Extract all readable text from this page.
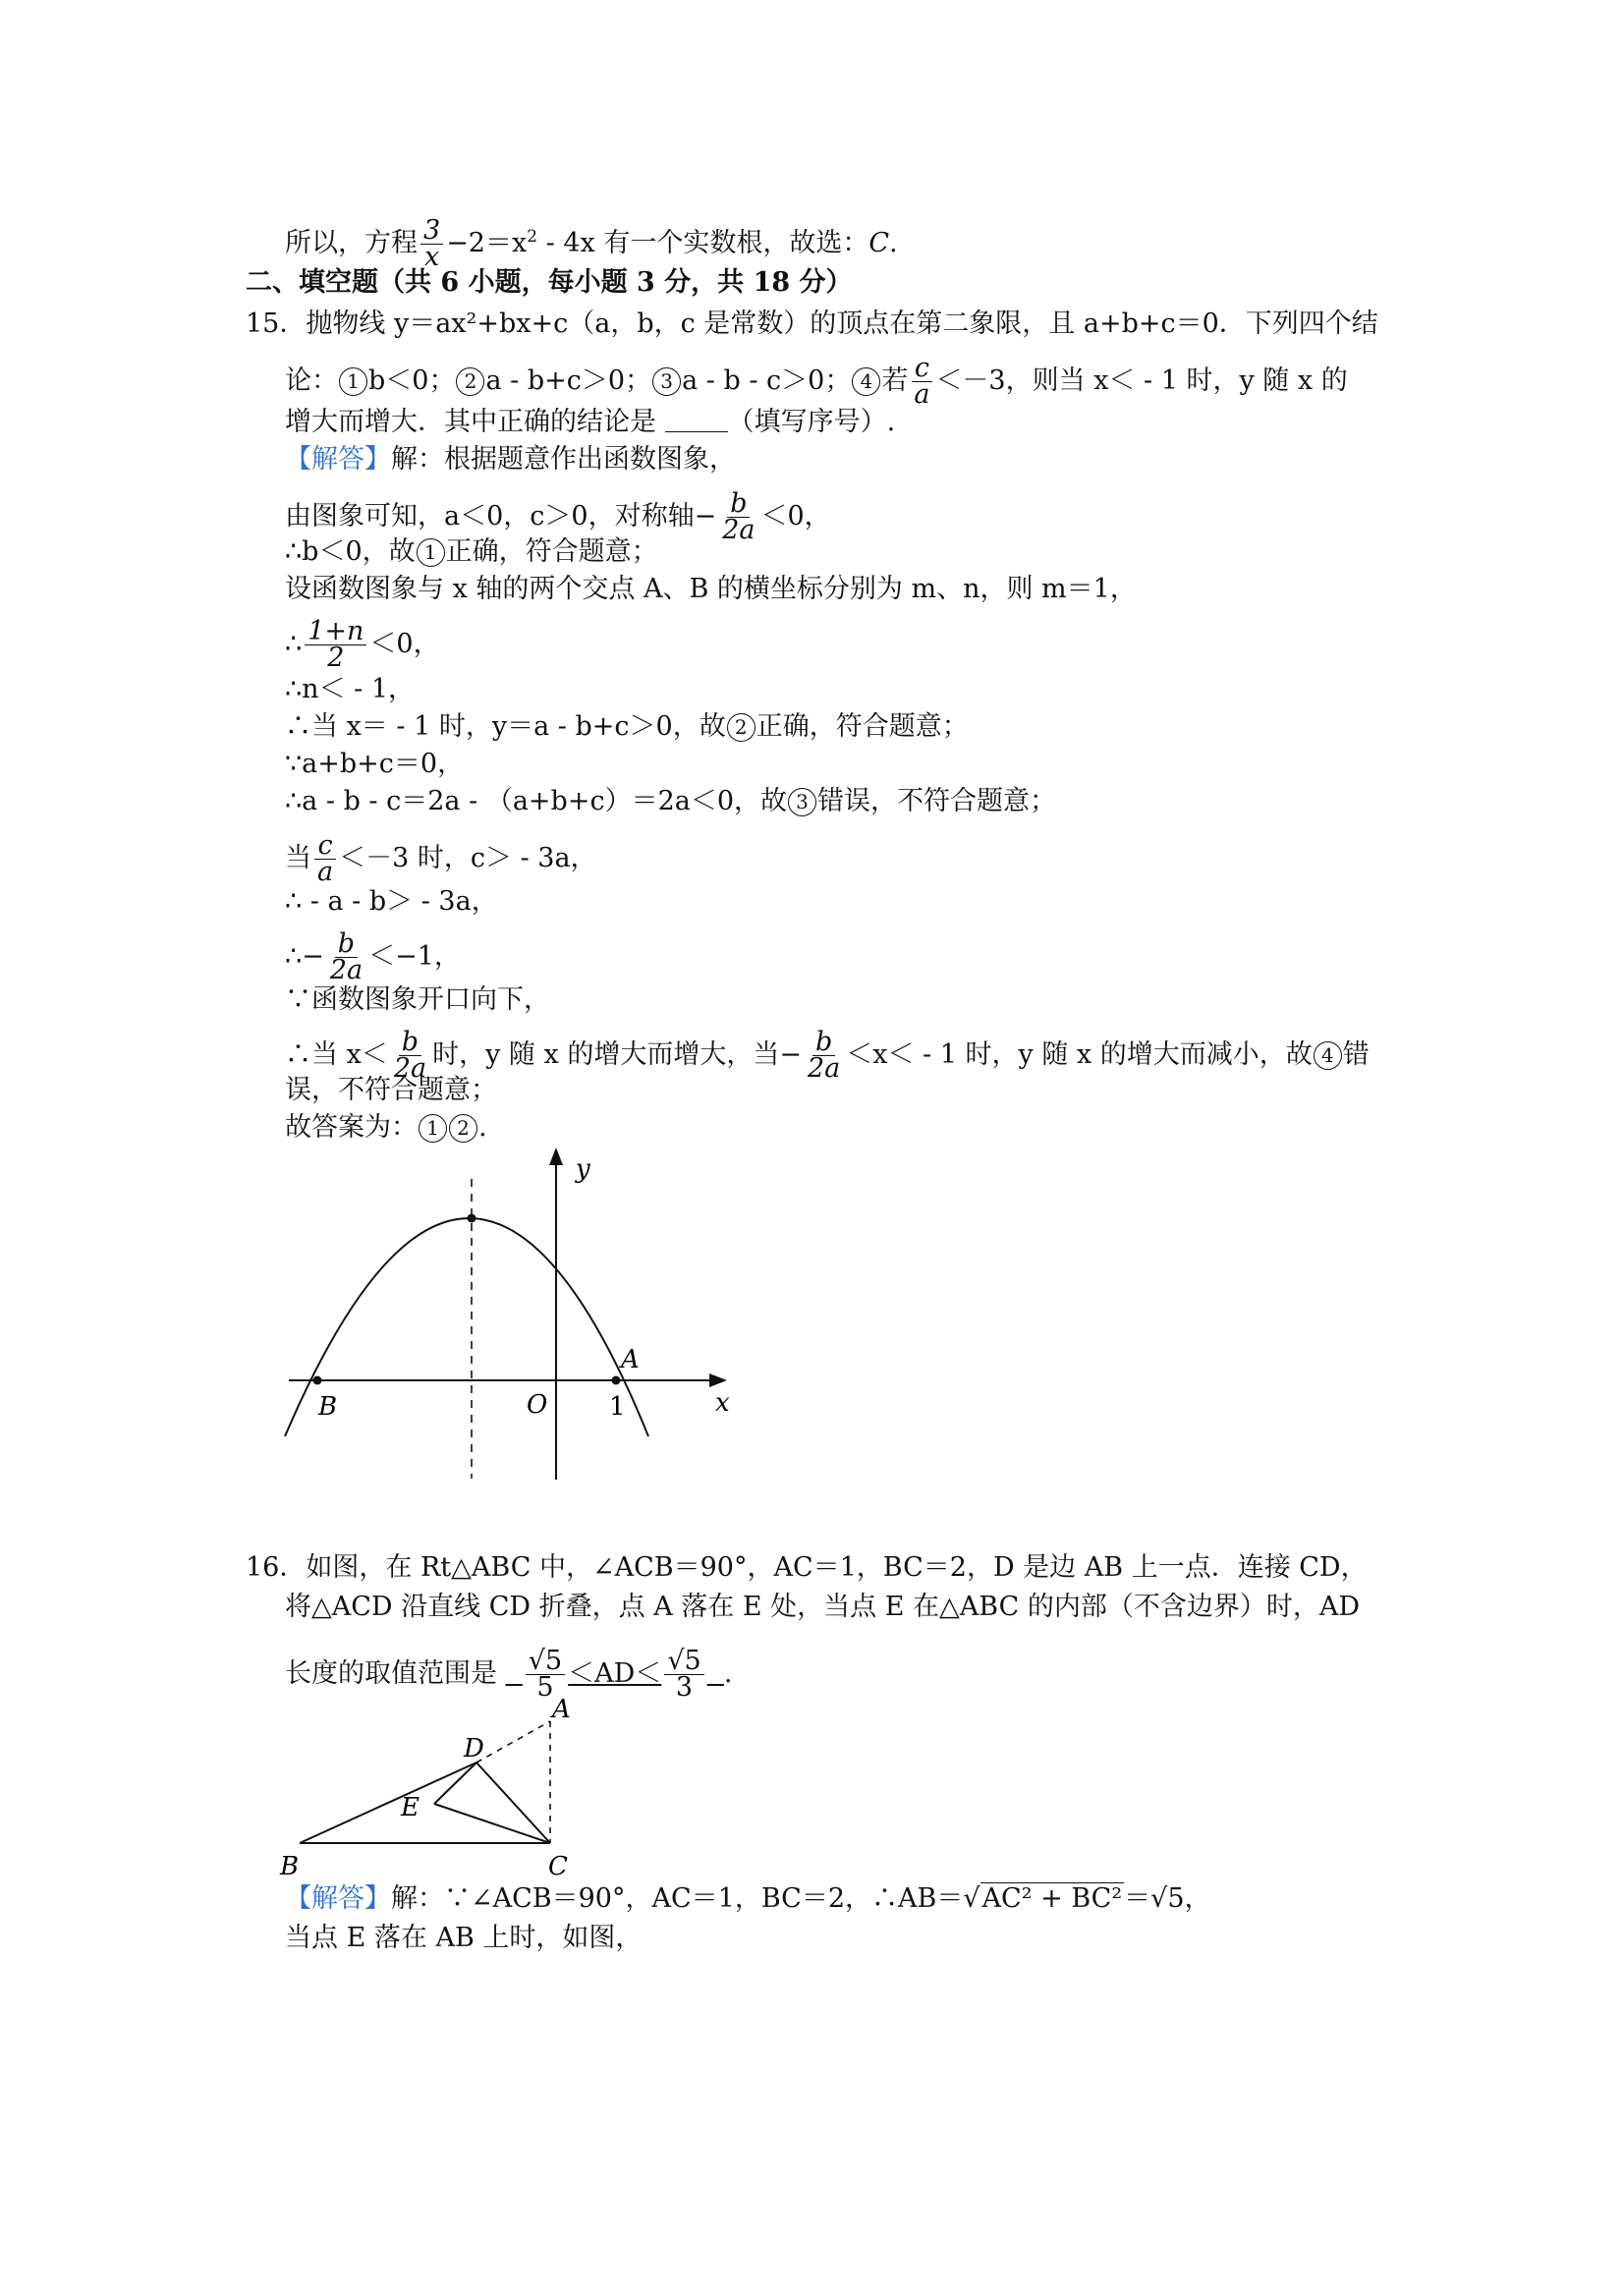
所以，方程 $\frac{3}{x} -2=x^2 - 4x$ 有一个实数根，故选：C.
二、填空题（共 6 小题，每小题 3 分，共 18 分）
15．抛物线 y＝ax²+bx+c（a，b，c 是常数）的顶点在第二象限，且 a+b+c＝0．下列四个结
论： 1 b＜0； 2 a - b+c＞0； 3 a - b - c＞0； 4 若 $\frac{c}{a} <-3$，则当 x＜ - 1 时，y 随 x 的
增大而增大．其中正确的结论是	（填写序号）.
【解答】解：根据题意作出函数图象，
由图象可知，a＜0，c＞0，对称轴− $\frac{b}{2a} <0$，
∴b＜0，故 1 正确，符合题意；
设函数图象与 x 轴的两个交点 A、B 的横坐标分别为 m、n，则 m＝1，
∴ $\frac{1+n}{2} <0$，
∴n＜ - 1，
∴当 x＝ - 1 时，y＝a - b+c＞0，故 2 正确，符合题意；
∵a+b+c＝0，
∴a - b - c＝2a - （a+b+c）＝2a＜0，故 3 错误，不符合题意；
当 $\frac{c}{a} <-3$ 时，c＞ - 3a，
∴ - a - b＞ - 3a，
∴− $\frac{b}{2a} <-1$，
∵函数图象开口向下，
∴当 $x< \frac{b}{2a}$ 时，y 随 x 的增大而增大，当− $\frac{b}{2a} <x< - 1$ 时，y 随 x 的增大而减小，故 4 错
误，不符合题意；
故答案为： 1 2 .
y
x
A
B	O 1
16．如图，在 Rt△ABC 中，∠ACB＝90°，AC＝1，BC＝2，D 是边 AB 上一点．连接 CD，
将△ACD 沿直线 CD 折叠，点 A 落在 E 处，当点 E 在△ABC 的内部（不含边界）时，AD
长度的取值范围是 $\frac{√5}{5} <AD< \frac{√5}{3}$ .
A
B	C
D
E
【解答】解：∵∠ACB＝90°，AC＝1，BC＝2，∴AB＝√AC² + BC²＝√5，
当点 E 落在 AB 上时，如图，
